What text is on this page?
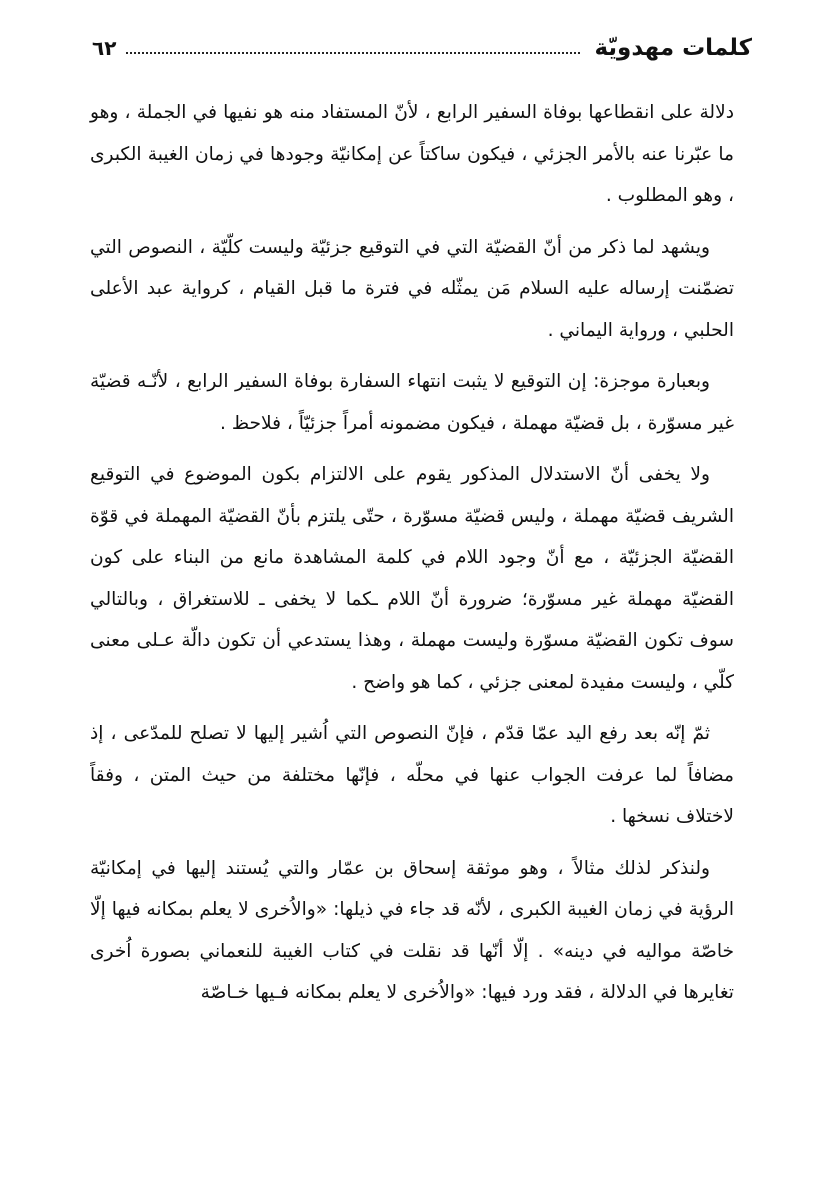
كلمات مهدويّة
٦٢

دلالة على انقطاعها بوفاة السفير الرابع ، لأنّ المستفاد منه هو نفيها في الجملة ، وهو ما عبّرنا عنه بالأمر الجزئي ، فيكون ساكتاً عن إمكانيّة وجودها في زمان الغيبة الكبرى ، وهو المطلوب .

ويشهد لما ذكر من أنّ القضيّة التي في التوقيع جزئيّة وليست كلّيّة ، النصوص التي تضمّنت إرساله عليه السلام مَن يمثّله في فترة ما قبل القيام ، كرواية عبد الأعلى الحلبي ، ورواية اليماني .

وبعبارة موجزة: إن التوقيع لا يثبت انتهاء السفارة بوفاة السفير الرابع ، لأنّـه قضيّة غير مسوّرة ، بل قضيّة مهملة ، فيكون مضمونه أمراً جزئيّاً ، فلاحظ .

ولا يخفى أنّ الاستدلال المذكور يقوم على الالتزام بكون الموضوع في التوقيع الشريف قضيّة مهملة ، وليس قضيّة مسوّرة ، حتّى يلتزم بأنّ القضيّة المهملة في قوّة القضيّة الجزئيّة ، مع أنّ وجود اللام في كلمة المشاهدة مانع من البناء على كون القضيّة مهملة غير مسوّرة؛ ضرورة أنّ اللام ـكما لا يخفى ـ للاستغراق ، وبالتالي سوف تكون القضيّة مسوّرة وليست مهملة ، وهذا يستدعي أن تكون دالّة عـلى معنى كلّي ، وليست مفيدة لمعنى جزئي ، كما هو واضح .

ثمّ إنّه بعد رفع اليد عمّا قدّم ، فإنّ النصوص التي اُشير إليها لا تصلح للمدّعى ، إذ مضافاً لما عرفت الجواب عنها في محلّه ، فإنّها مختلفة من حيث المتن ، وفقاً لاختلاف نسخها .

ولنذكر لذلك مثالاً ، وهو موثقة إسحاق بن عمّار والتي يُستند إليها في إمكانيّة الرؤية في زمان الغيبة الكبرى ، لأنّه قد جاء في ذيلها: «والاُخرى لا يعلم بمكانه فيها إلّا خاصّة مواليه في دينه» . إلّا أنّها قد نقلت في كتاب الغيبة للنعماني بصورة اُخرى تغايرها في الدلالة ، فقد ورد فيها: «والاُخرى لا يعلم بمكانه فـيها خـاصّة
